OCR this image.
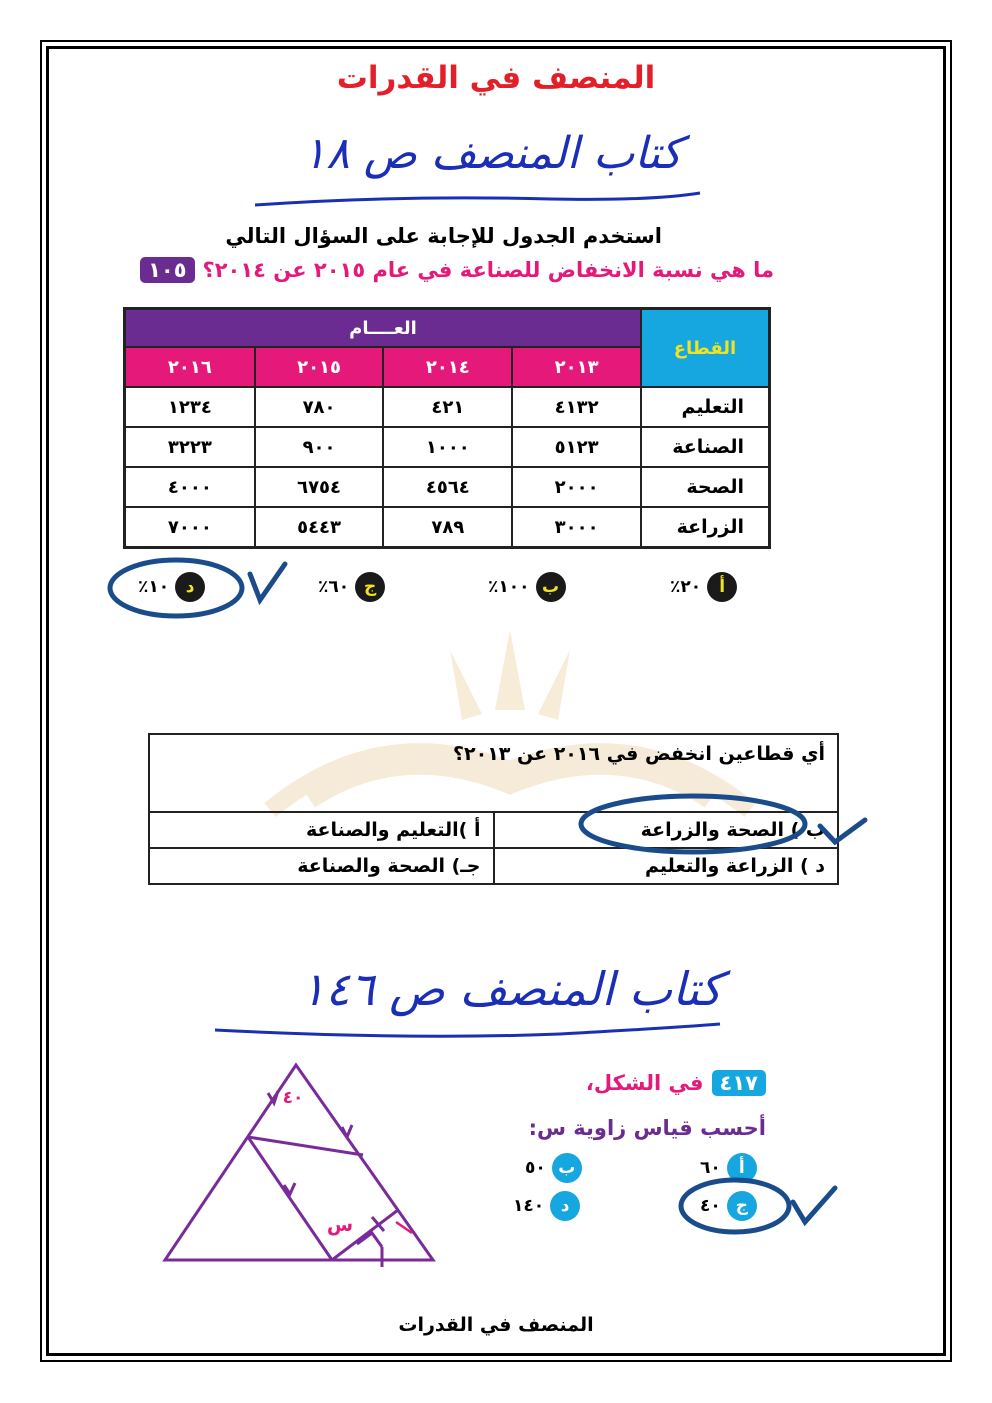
المنصف في القدرات
كتاب المنصف ص ١٨
استخدم الجدول للإجابة على السؤال التالي
١٠٥ ما هي نسبة الانخفاض للصناعة في عام ٢٠١٥ عن ٢٠١٤؟
العــــام				القطاع
٢٠١٦	٢٠١٥	٢٠١٤	٢٠١٣	
١٢٣٤	٧٨٠	٤٢١	٤١٣٢	التعليم
٣٢٢٣	٩٠٠	١٠٠٠	٥١٢٣	الصناعة
٤٠٠٠	٦٧٥٤	٤٥٦٤	٢٠٠٠	الصحة
٧٠٠٠	٥٤٤٣	٧٨٩	٣٠٠٠	الزراعة
أ
٢٠٪
ب
١٠٠٪
ج
٦٠٪
د
١٠٪
أي قطاعين انخفض في ٢٠١٦ عن ٢٠١٣؟	
أ )التعليم والصناعة	ب ) الصحة والزراعة
جـ) الصحة والصناعة	د ) الزراعة والتعليم
كتاب المنصف ص ١٤٦
٤١٧
في الشكل،
أحسب قياس زاوية س:
أ
٦٠
ب
٥٠
ج
٤٠
د
١٤٠
٤٠
س
المنصف في القدرات
